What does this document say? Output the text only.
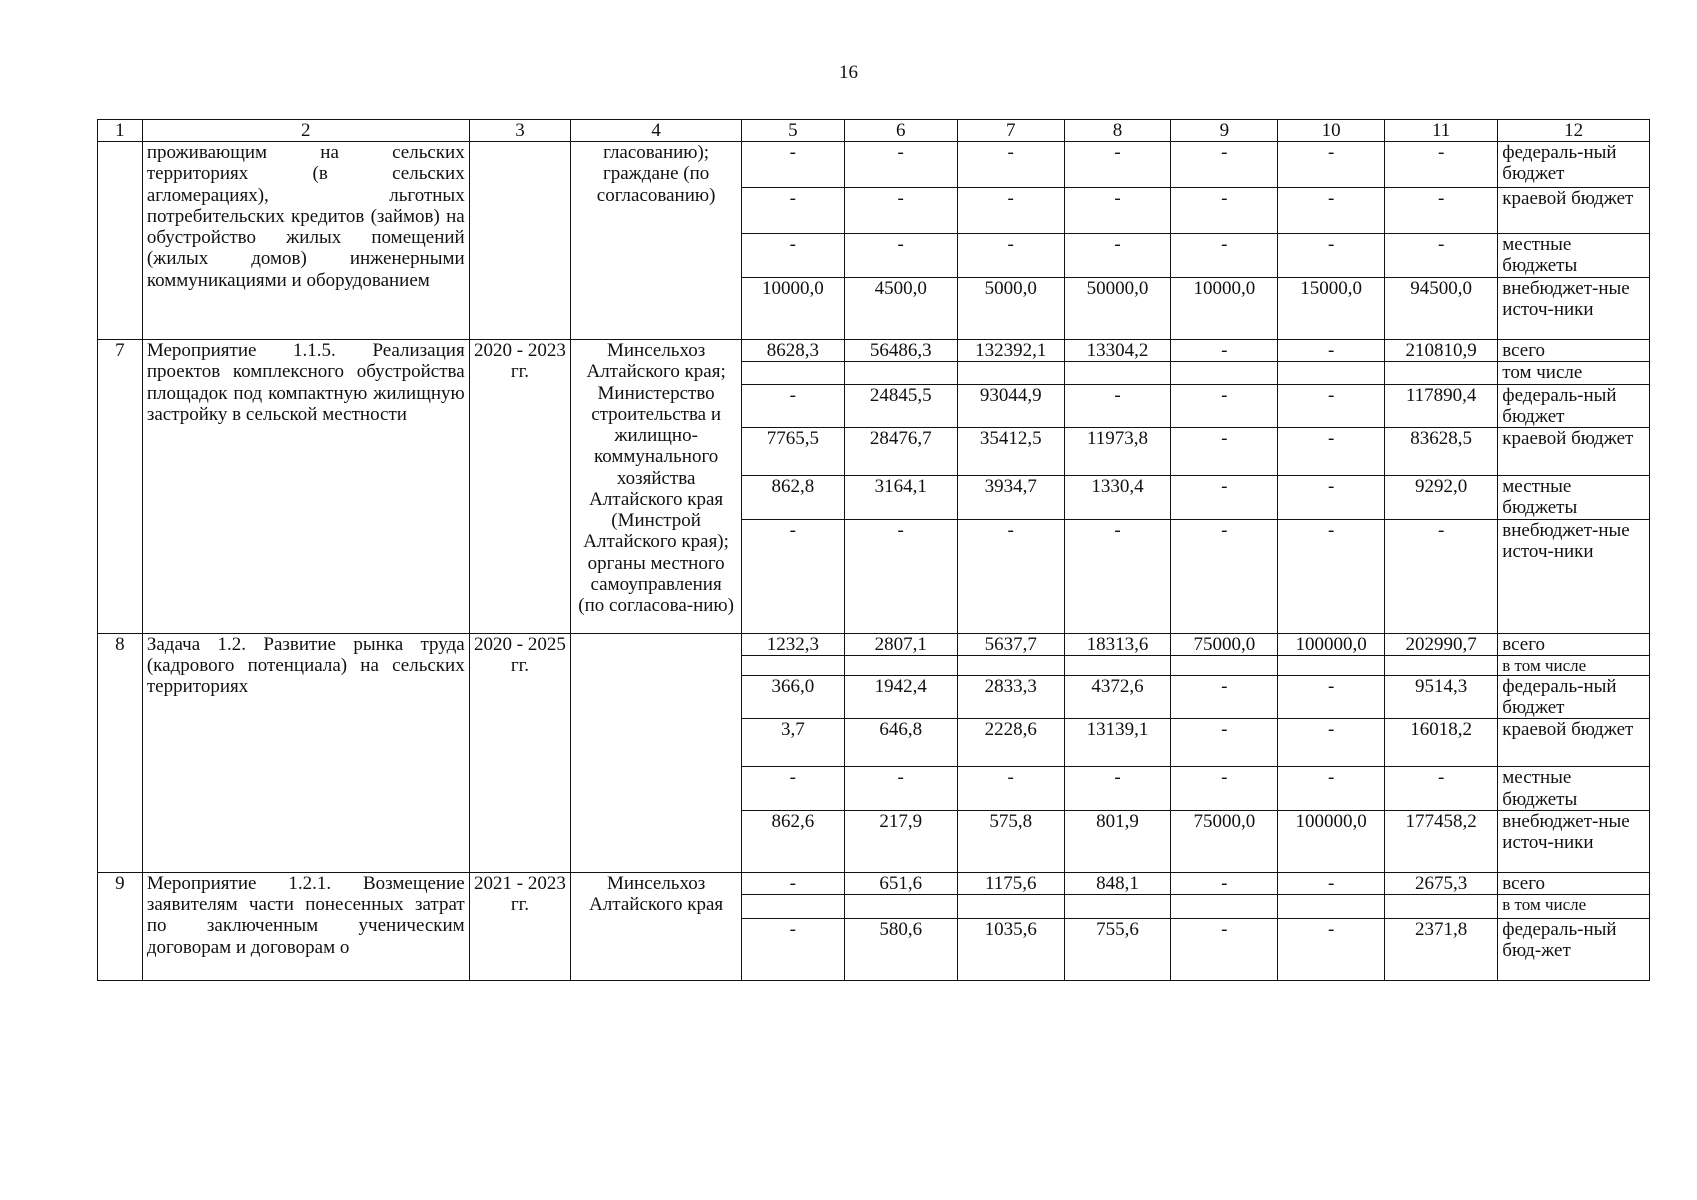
16
1	2	3	4	5	6	7	8	9	10	11	12
	проживающим на сельских территориях (в сельских агломерациях), льготных потребительских кредитов (займов) на обустройство жилых помещений (жилых домов) инженерными коммуникациями и оборудованием		гласованию); граждане (по согласованию)	-	-	-	-	-	-	-	федераль-ный бюджет
				-	-	-	-	-	-	-	краевой бюджет
				-	-	-	-	-	-	-	местные бюджеты
				10000,0	4500,0	5000,0	50000,0	10000,0	15000,0	94500,0	внебюджет-ные источ-ники
7	Мероприятие 1.1.5. Реализация проектов комплексного обустройства площадок под компактную жилищную застройку в сельской местности	2020 - 2023 гг.	Минсельхоз Алтайского края; Министерство строительства и жилищно-коммунального хозяйства Алтайского края (Минстрой Алтайского края); органы местного самоуправления (по согласова-нию)	8628,3	56486,3	132392,1	13304,2	-	-	210810,9	всего
											том числе
				-	24845,5	93044,9	-	-	-	117890,4	федераль-ный бюджет
				7765,5	28476,7	35412,5	11973,8	-	-	83628,5	краевой бюджет
				862,8	3164,1	3934,7	1330,4	-	-	9292,0	местные бюджеты
				-	-	-	-	-	-	-	внебюджет-ные источ-ники
8	Задача 1.2. Развитие рынка труда (кадрового потенциала) на сельских территориях	2020 - 2025 гг.		1232,3	2807,1	5637,7	18313,6	75000,0	100000,0	202990,7	всего
											в том числе
				366,0	1942,4	2833,3	4372,6	-	-	9514,3	федераль-ный бюджет
				3,7	646,8	2228,6	13139,1	-	-	16018,2	краевой бюджет
				-	-	-	-	-	-	-	местные бюджеты
				862,6	217,9	575,8	801,9	75000,0	100000,0	177458,2	внебюджет-ные источ-ники
9	Мероприятие 1.2.1. Возмещение заявителям части понесенных затрат по заключенным ученическим договорам и договорам о	2021 - 2023 гг.	Минсельхоз Алтайского края	-	651,6	1175,6	848,1	-	-	2675,3	всего
											в том числе
				-	580,6	1035,6	755,6	-	-	2371,8	федераль-ный бюд-жет
